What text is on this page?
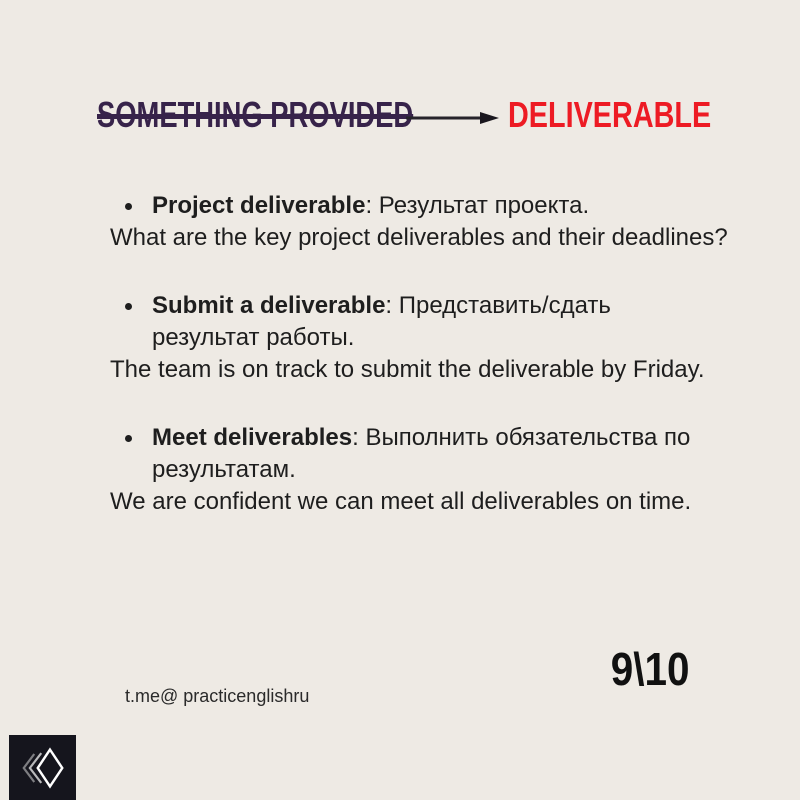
SOMETHING PROVIDED	DELIVERABLE

Project deliverable: Результат проекта.

What are the key project deliverables and their deadlines?

Submit a deliverable: Представить/сдать результат работы.

The team is on track to submit the deliverable by Friday.

Meet deliverables: Выполнить обязательства по результатам.

We are confident we can meet all deliverables on time.

t.me@ practicenglishru

9\10
